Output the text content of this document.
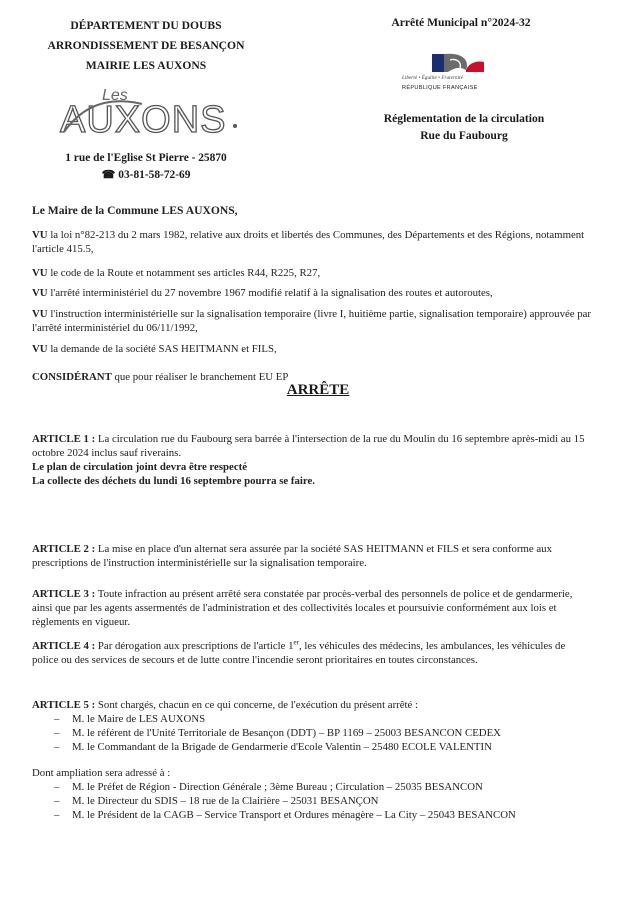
DÉPARTEMENT DU DOUBS
ARRONDISSEMENT DE BESANÇON
MAIRIE LES AUXONS
Les
AUXONS
1 rue de l'Eglise St Pierre - 25870
☎ 03-81-58-72-69
Arrêté Municipal n°2024-32
Liberté • Égalité • Fraternité
RÉPUBLIQUE FRANÇAISE
Réglementation de la circulation
Rue du Faubourg
Le Maire de la Commune LES AUXONS,
VU la loi n°82-213 du 2 mars 1982, relative aux droits et libertés des Communes, des Départements et des Régions, notamment l'article 415.5,
VU le code de la Route et notamment ses articles R44, R225, R27,
VU l'arrêté interministériel du 27 novembre 1967 modifié relatif à la signalisation des routes et autoroutes,
VU l'instruction interministérielle sur la signalisation temporaire (livre I, huitième partie, signalisation temporaire) approuvée par l'arrêté interministériel du 06/11/1992,
VU la demande de la société SAS HEITMANN et FILS,
CONSIDÉRANT que pour réaliser le branchement EU EP
ARRÊTE
ARTICLE 1 : La circulation rue du Faubourg sera barrée à l'intersection de la rue du Moulin du 16 septembre après-midi au 15 octobre 2024 inclus sauf riverains.
Le plan de circulation joint devra être respecté
La collecte des déchets du lundi 16 septembre pourra se faire.
ARTICLE 2 : La mise en place d'un alternat sera assurée par la société SAS HEITMANN et FILS et sera conforme aux prescriptions de l'instruction interministérielle sur la signalisation temporaire.
ARTICLE 3 : Toute infraction au présent arrêté sera constatée par procès-verbal des personnels de police et de gendarmerie, ainsi que par les agents assermentés de l'administration et des collectivités locales et poursuivie conformément aux lois et règlements en vigueur.
ARTICLE 4 : Par dérogation aux prescriptions de l'article 1er, les véhicules des médecins, les ambulances, les véhicules de police ou des services de secours et de lutte contre l'incendie seront prioritaires en toutes circonstances.
ARTICLE 5 : Sont chargés, chacun en ce qui concerne, de l'exécution du présent arrêté :
– M. le Maire de LES AUXONS
– M. le référent de l'Unité Territoriale de Besançon (DDT) – BP 1169 – 25003 BESANCON CEDEX
– M. le Commandant de la Brigade de Gendarmerie d'Ecole Valentin – 25480 ECOLE VALENTIN
Dont ampliation sera adressé à :
– M. le Préfet de Région - Direction Générale ; 3ème Bureau ; Circulation – 25035 BESANCON
– M. le Directeur du SDIS – 18 rue de la Clairière – 25031 BESANÇON
– M. le Président de la CAGB – Service Transport et Ordures ménagère – La City – 25043 BESANCON
